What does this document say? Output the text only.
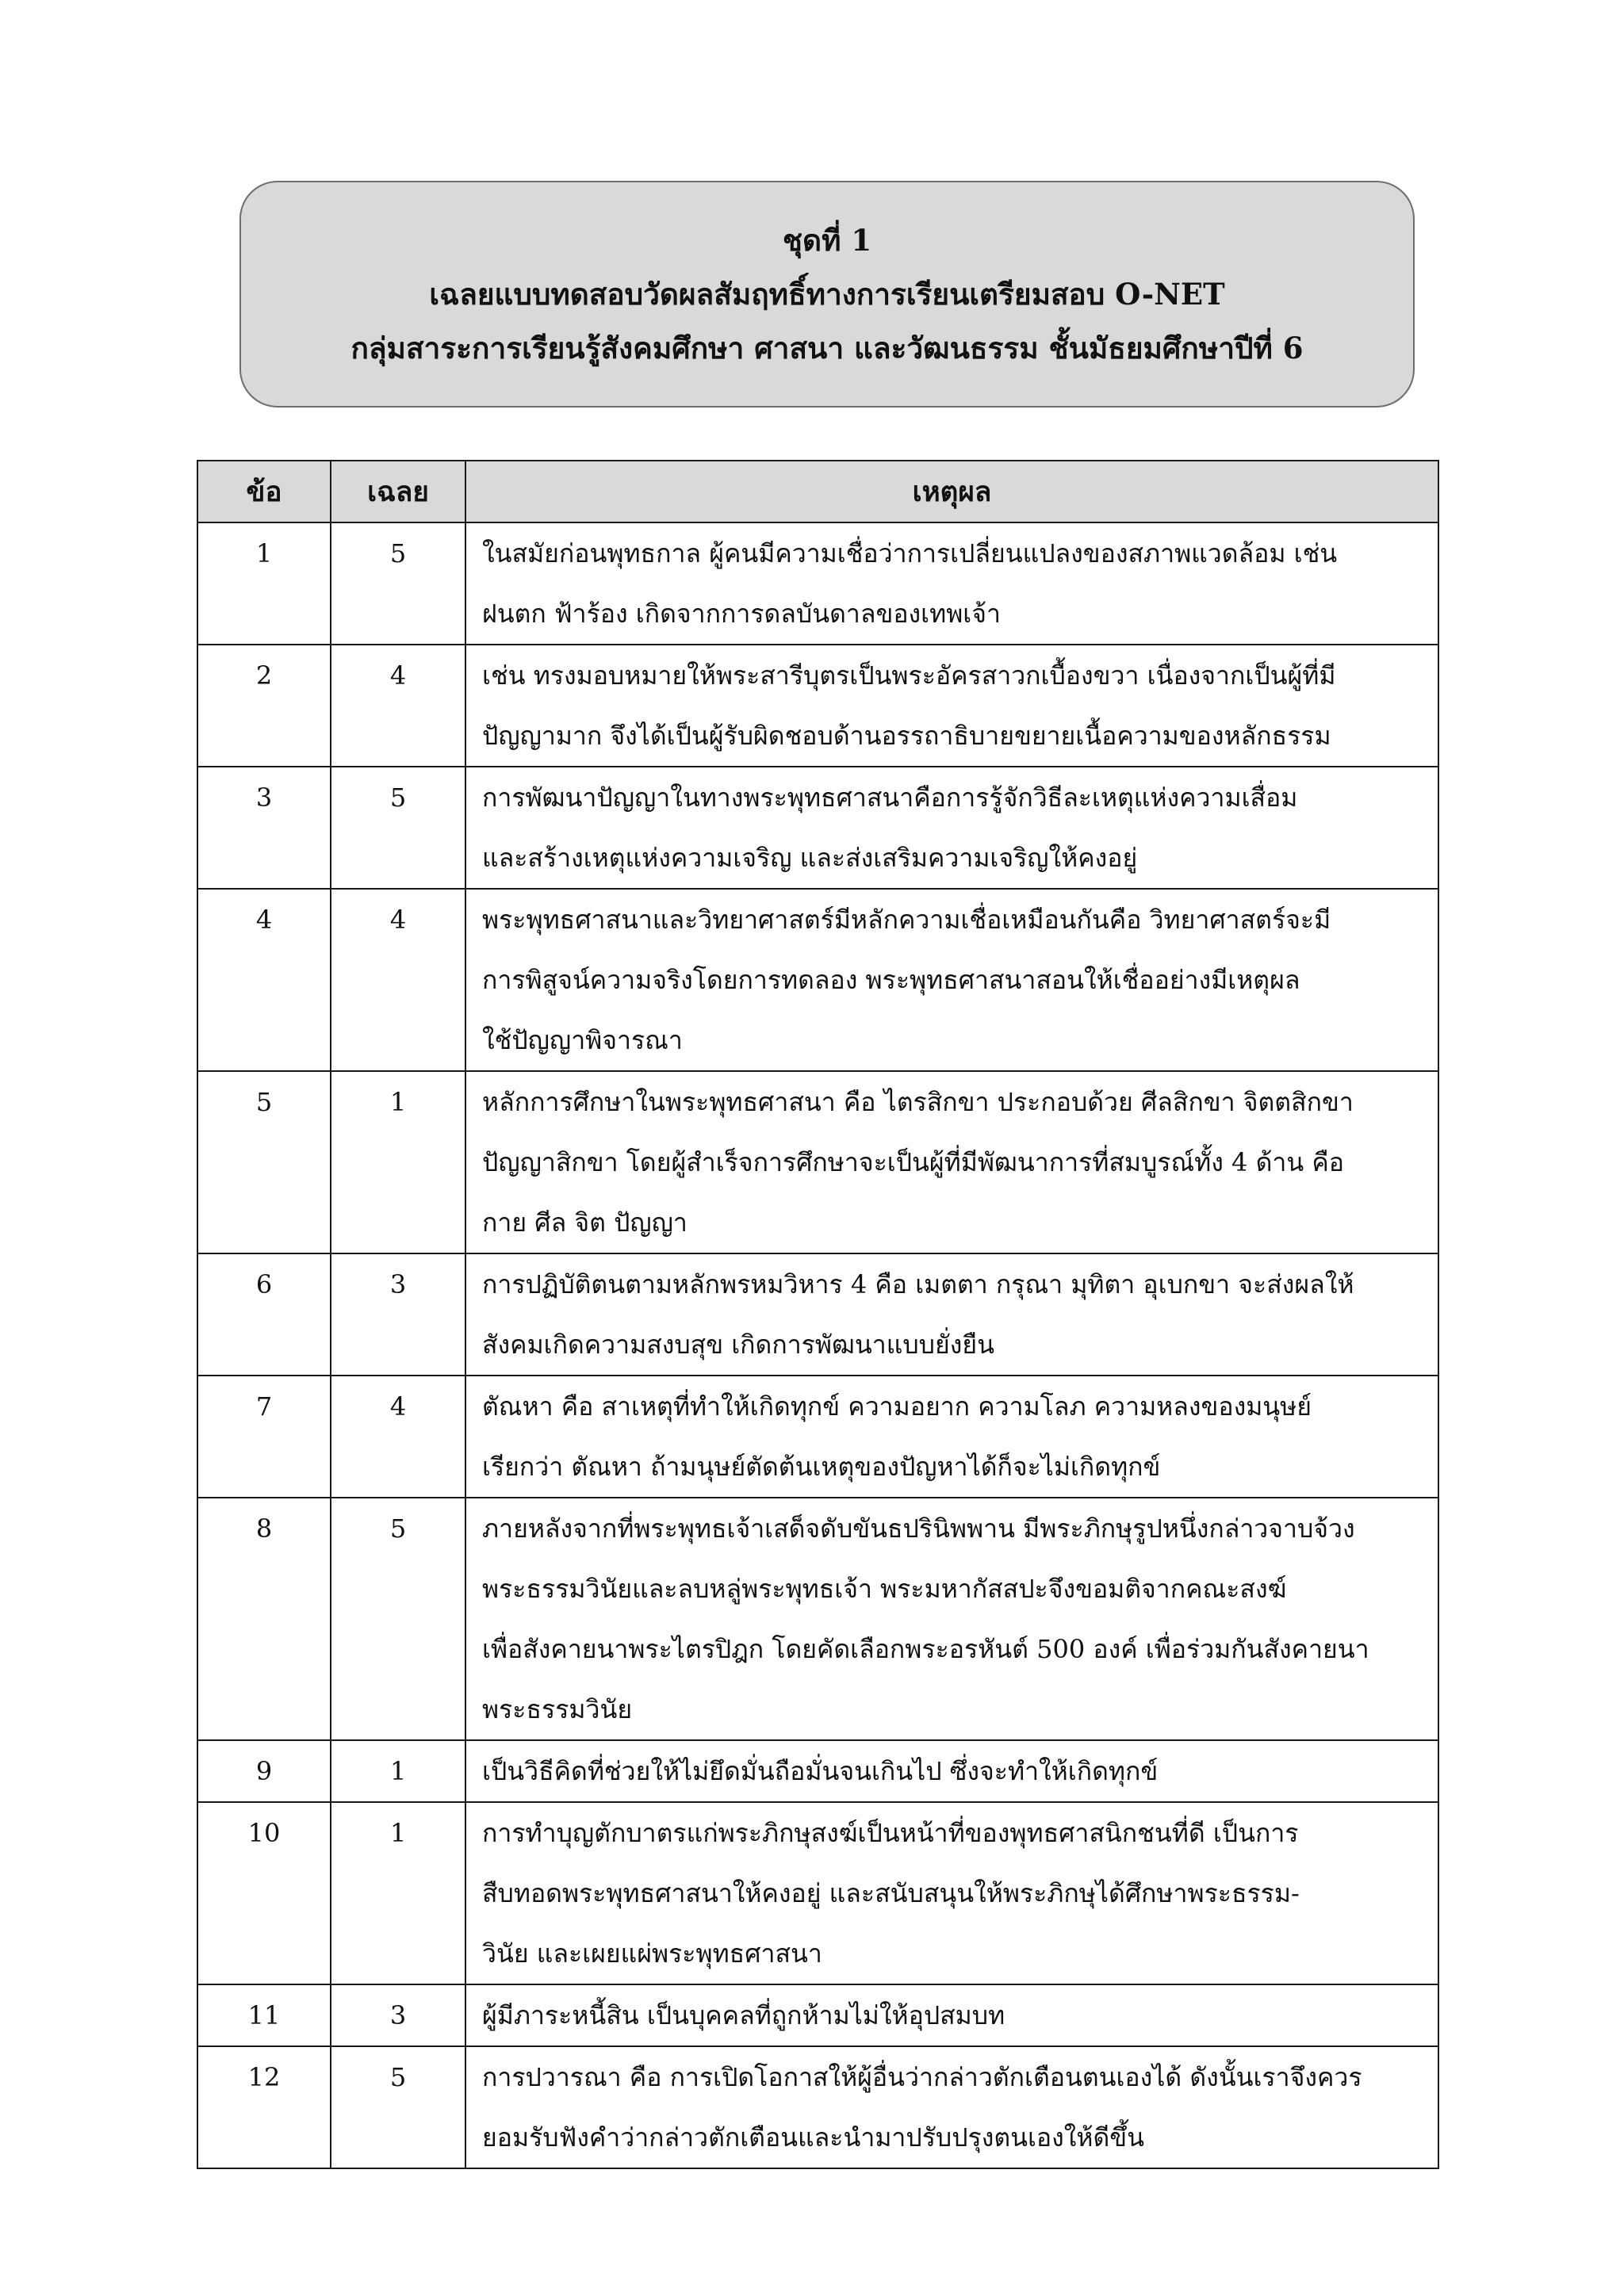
ชุดที่ 1
เฉลยแบบทดสอบวัดผลสัมฤทธิ์ทางการเรียนเตรียมสอบ O-NET
กลุ่มสาระการเรียนรู้สังคมศึกษา ศาสนา และวัฒนธรรม ชั้นมัธยมศึกษาปีที่ 6
ข้อ	เฉลย	เหตุผล
1	5	ในสมัยก่อนพุทธกาล ผู้คนมีความเชื่อว่าการเปลี่ยนแปลงของสภาพแวดล้อม เช่น
ฝนตก ฟ้าร้อง เกิดจากการดลบันดาลของเทพเจ้า

2	4	เช่น ทรงมอบหมายให้พระสารีบุตรเป็นพระอัครสาวกเบื้องขวา เนื่องจากเป็นผู้ที่มี
ปัญญามาก จึงได้เป็นผู้รับผิดชอบด้านอรรถาธิบายขยายเนื้อความของหลักธรรม

3	5	การพัฒนาปัญญาในทางพระพุทธศาสนาคือการรู้จักวิธีละเหตุแห่งความเสื่อม
และสร้างเหตุแห่งความเจริญ และส่งเสริมความเจริญให้คงอยู่

4	4	พระพุทธศาสนาและวิทยาศาสตร์มีหลักความเชื่อเหมือนกันคือ วิทยาศาสตร์จะมี
การพิสูจน์ความจริงโดยการทดลอง พระพุทธศาสนาสอนให้เชื่ออย่างมีเหตุผล
ใช้ปัญญาพิจารณา

5	1	หลักการศึกษาในพระพุทธศาสนา คือ ไตรสิกขา ประกอบด้วย ศีลสิกขา จิตตสิกขา
ปัญญาสิกขา โดยผู้สำเร็จการศึกษาจะเป็นผู้ที่มีพัฒนาการที่สมบูรณ์ทั้ง 4 ด้าน คือ
กาย ศีล จิต ปัญญา

6	3	การปฏิบัติตนตามหลักพรหมวิหาร 4 คือ เมตตา กรุณา มุทิตา อุเบกขา จะส่งผลให้
สังคมเกิดความสงบสุข เกิดการพัฒนาแบบยั่งยืน

7	4	ตัณหา คือ สาเหตุที่ทำให้เกิดทุกข์ ความอยาก ความโลภ ความหลงของมนุษย์
เรียกว่า ตัณหา ถ้ามนุษย์ตัดต้นเหตุของปัญหาได้ก็จะไม่เกิดทุกข์

8	5	ภายหลังจากที่พระพุทธเจ้าเสด็จดับขันธปรินิพพาน มีพระภิกษุรูปหนึ่งกล่าวจาบจ้วง
พระธรรมวินัยและลบหลู่พระพุทธเจ้า พระมหากัสสปะจึงขอมติจากคณะสงฆ์
เพื่อสังคายนาพระไตรปิฎก โดยคัดเลือกพระอรหันต์ 500 องค์ เพื่อร่วมกันสังคายนา
พระธรรมวินัย

9	1	เป็นวิธีคิดที่ช่วยให้ไม่ยึดมั่นถือมั่นจนเกินไป ซึ่งจะทำให้เกิดทุกข์

10	1	การทำบุญตักบาตรแก่พระภิกษุสงฆ์เป็นหน้าที่ของพุทธศาสนิกชนที่ดี เป็นการ
สืบทอดพระพุทธศาสนาให้คงอยู่ และสนับสนุนให้พระภิกษุได้ศึกษาพระธรรม-
วินัย และเผยแผ่พระพุทธศาสนา

11	3	ผู้มีภาระหนี้สิน เป็นบุคคลที่ถูกห้ามไม่ให้อุปสมบท

12	5	การปวารณา คือ การเปิดโอกาสให้ผู้อื่นว่ากล่าวตักเตือนตนเองได้ ดังนั้นเราจึงควร
ยอมรับฟังคำว่ากล่าวตักเตือนและนำมาปรับปรุงตนเองให้ดีขึ้น
